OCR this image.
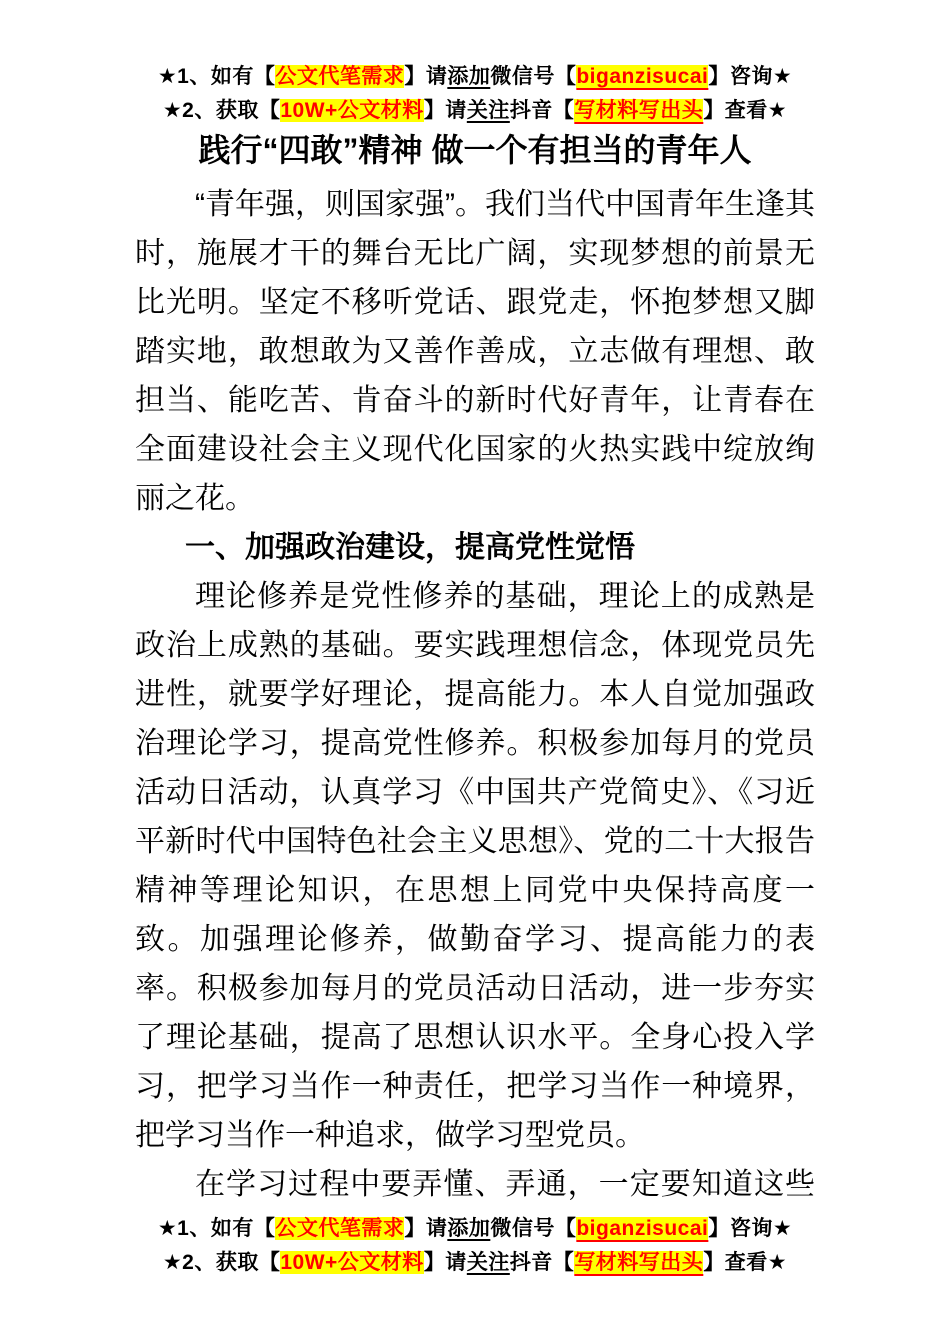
★1、如有【公文代笔需求】请添加微信号【biganzisucai】咨询★
★2、获取【10W+公文材料】请关注抖音【写材料写出头】查看★
践行“四敢”精神 做一个有担当的青年人

“青年强，则国家强”。我们当代中国青年生逢其时，施展才干的舞台无比广阔，实现梦想的前景无比光明。坚定不移听党话、跟党走，怀抱梦想又脚踏实地，敢想敢为又善作善成，立志做有理想、敢担当、能吃苦、肯奋斗的新时代好青年，让青春在全面建设社会主义现代化国家的火热实践中绽放绚丽之花。

一、加强政治建设，提高党性觉悟

理论修养是党性修养的基础，理论上的成熟是政治上成熟的基础。要实践理想信念，体现党员先进性，就要学好理论，提高能力。本人自觉加强政治理论学习，提高党性修养。积极参加每月的党员活动日活动，认真学习《中国共产党简史》、《习近平新时代中国特色社会主义思想》、党的二十大报告精神等理论知识，在思想上同党中央保持高度一致。加强理论修养，做勤奋学习、提高能力的表率。积极参加每月的党员活动日活动，进一步夯实了理论基础，提高了思想认识水平。全身心投入学习，把学习当作一种责任，把学习当作一种境界，把学习当作一种追求，做学习型党员。

在学习过程中要弄懂、弄通，一定要知道这些

★1、如有【公文代笔需求】请添加微信号【biganzisucai】咨询★
★2、获取【10W+公文材料】请关注抖音【写材料写出头】查看★
